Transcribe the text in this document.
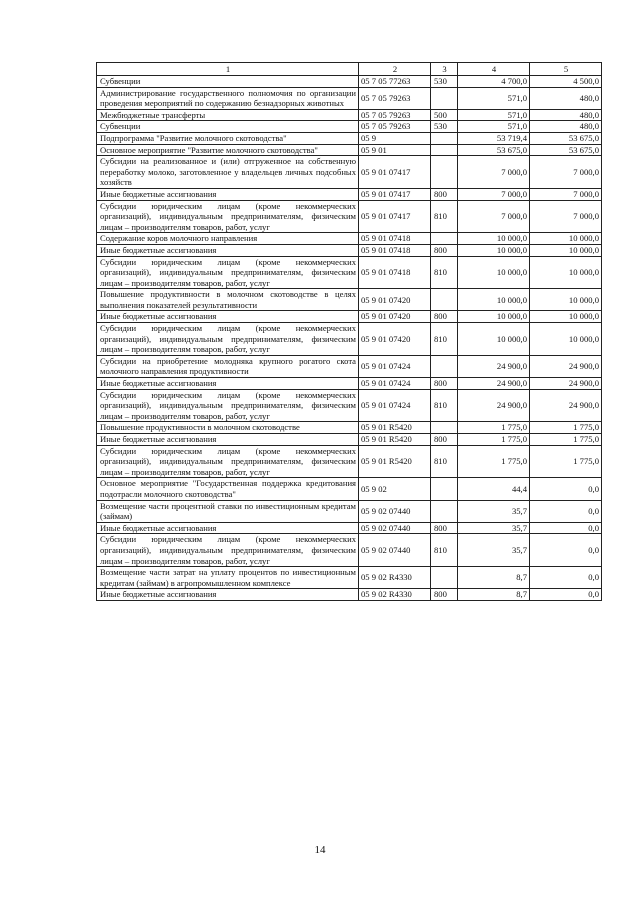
1	2	3	4	5
Субвенции	05 7 05 77263	530	4 700,0	4 500,0
Администрирование государственного полномочия по организации проведения мероприятий по содержанию безнадзорных животных	05 7 05 79263		571,0	480,0
Межбюджетные трансферты	05 7 05 79263	500	571,0	480,0
Субвенции	05 7 05 79263	530	571,0	480,0
Подпрограмма "Развитие молочного скотоводства"	05 9		53 719,4	53 675,0
Основное мероприятие "Развитие молочного скотоводства"	05 9 01		53 675,0	53 675,0
Субсидии на реализованное и (или) отгруженное на собственную переработку молоко, заготовленное у владельцев личных подсобных хозяйств	05 9 01 07417		7 000,0	7 000,0
Иные бюджетные ассигнования	05 9 01 07417	800	7 000,0	7 000,0
Субсидии юридическим лицам (кроме некоммерческих организаций), индивидуальным предпринимателям, физическим лицам – производителям товаров, работ, услуг	05 9 01 07417	810	7 000,0	7 000,0
Содержание коров молочного направления	05 9 01 07418		10 000,0	10 000,0
Иные бюджетные ассигнования	05 9 01 07418	800	10 000,0	10 000,0
Субсидии юридическим лицам (кроме некоммерческих организаций), индивидуальным предпринимателям, физическим лицам – производителям товаров, работ, услуг	05 9 01 07418	810	10 000,0	10 000,0
Повышение продуктивности в молочном скотоводстве в целях выполнения показателей результативности	05 9 01 07420		10 000,0	10 000,0
Иные бюджетные ассигнования	05 9 01 07420	800	10 000,0	10 000,0
Субсидии юридическим лицам (кроме некоммерческих организаций), индивидуальным предпринимателям, физическим лицам – производителям товаров, работ, услуг	05 9 01 07420	810	10 000,0	10 000,0
Субсидии на приобретение молодняка крупного рогатого скота молочного направления продуктивности	05 9 01 07424		24 900,0	24 900,0
Иные бюджетные ассигнования	05 9 01 07424	800	24 900,0	24 900,0
Субсидии юридическим лицам (кроме некоммерческих организаций), индивидуальным предпринимателям, физическим лицам – производителям товаров, работ, услуг	05 9 01 07424	810	24 900,0	24 900,0
Повышение продуктивности в молочном скотоводстве	05 9 01 R5420		1 775,0	1 775,0
Иные бюджетные ассигнования	05 9 01 R5420	800	1 775,0	1 775,0
Субсидии юридическим лицам (кроме некоммерческих организаций), индивидуальным предпринимателям, физическим лицам – производителям товаров, работ, услуг	05 9 01 R5420	810	1 775,0	1 775,0
Основное мероприятие "Государственная поддержка кредитования подотрасли молочного скотоводства"	05 9 02		44,4	0,0
Возмещение части процентной ставки по инвестиционным кредитам (займам)	05 9 02 07440		35,7	0,0
Иные бюджетные ассигнования	05 9 02 07440	800	35,7	0,0
Субсидии юридическим лицам (кроме некоммерческих организаций), индивидуальным предпринимателям, физическим лицам – производителям товаров, работ, услуг	05 9 02 07440	810	35,7	0,0
Возмещение части затрат на уплату процентов по инвестиционным кредитам (займам) в агропромышленном комплексе	05 9 02 R4330		8,7	0,0
Иные бюджетные ассигнования	05 9 02 R4330	800	8,7	0,0
14
